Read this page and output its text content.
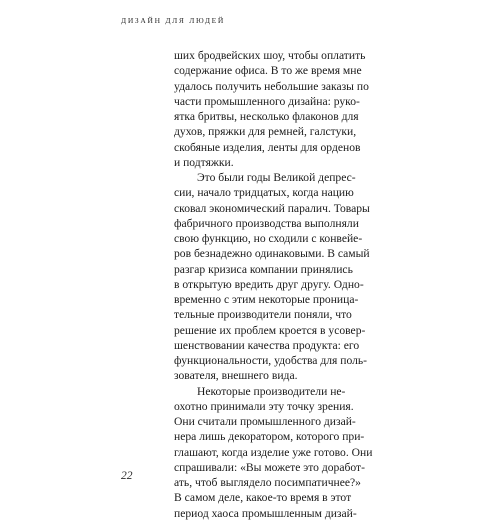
ДИЗАЙН ДЛЯ ЛЮДЕЙ
ших бродвейских шоу, чтобы оплатить
содержание офиса. В то же время мне
удалось получить небольшие заказы по
части промышленного дизайна: руко-
ятка бритвы, несколько флаконов для
духов, пряжки для ремней, галстуки,
скобяные изделия, ленты для орденов
и подтяжки.
Это были годы Великой депрес-
сии, начало тридцатых, когда нацию
сковал экономический паралич. Товары
фабричного производства выполняли
свою функцию, но сходили с конвейе-
ров безнадежно одинаковыми. В самый
разгар кризиса компании принялись
в открытую вредить друг другу. Одно-
временно с этим некоторые проница-
тельные производители поняли, что
решение их проблем кроется в усовер-
шенствовании качества продукта: его
функциональности, удобства для поль-
зователя, внешнего вида.
Некоторые производители не-
охотно принимали эту точку зрения.
Они считали промышленного дизай-
нера лишь декоратором, которого при-
глашают, когда изделие уже готово. Они
спрашивали: «Вы можете это доработ-
ать, чтоб выглядело посимпатичнее?»
В самом деле, какое-то время в этот
период хаоса промышленным дизай-
22
